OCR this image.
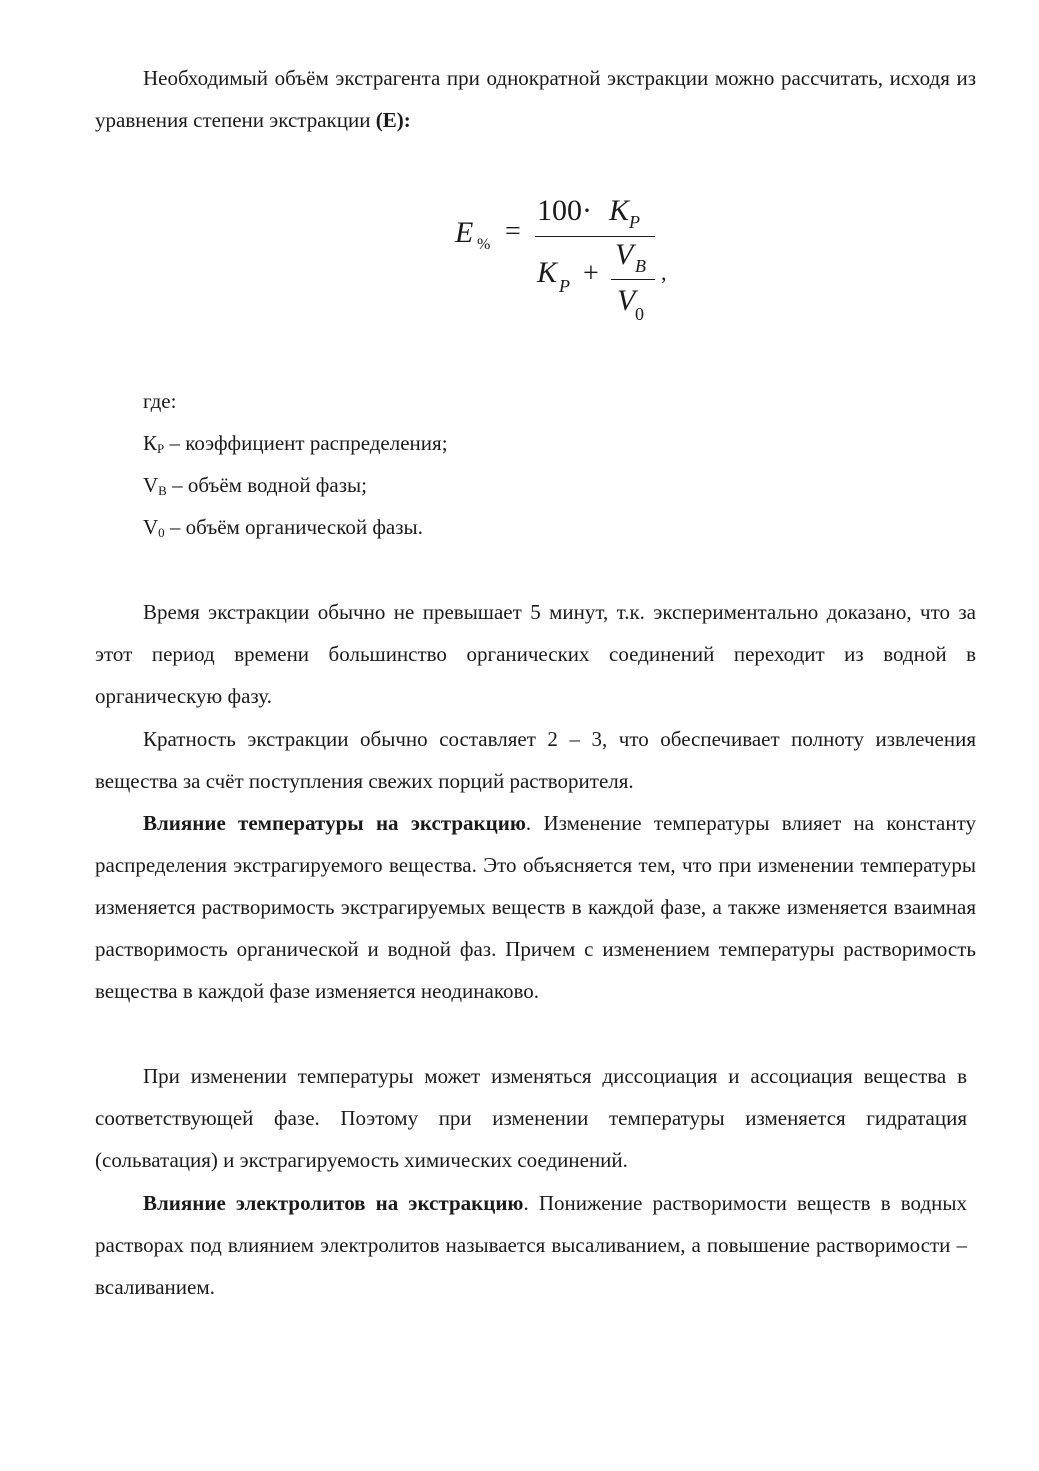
Необходимый объём экстрагента при однократной экстракции можно рассчитать, исходя из уравнения степени экстракции (E):

E % =
100· K P
K P +
V B
V 0
,

где:

$К_Р$ – коэффициент распределения;

$V_В$ – объём водной фазы;

$V_0$ – объём органической фазы.

Время экстракции обычно не превышает 5 минут, т.к. экспериментально доказано, что за этот период времени большинство органических соединений переходит из водной в органическую фазу.

Кратность экстракции обычно составляет 2 – 3, что обеспечивает полноту извлечения вещества за счёт поступления свежих порций растворителя.

Влияние температуры на экстракцию. Изменение температуры влияет на константу распределения экстрагируемого вещества. Это объясняется тем, что при изменении температуры изменяется растворимость экстрагируемых веществ в каждой фазе, а также изменяется взаимная растворимость органической и водной фаз. Причем с изменением температуры растворимость вещества в каждой фазе изменяется неодинаково.

При изменении температуры может изменяться диссоциация и ассоциация вещества в соответствующей фазе. Поэтому при изменении температуры изменяется гидратация (сольватация) и экстрагируемость химических соединений.

Влияние электролитов на экстракцию. Понижение растворимости веществ в водных растворах под влиянием электролитов называется высаливанием, а повышение растворимости – всаливанием.
